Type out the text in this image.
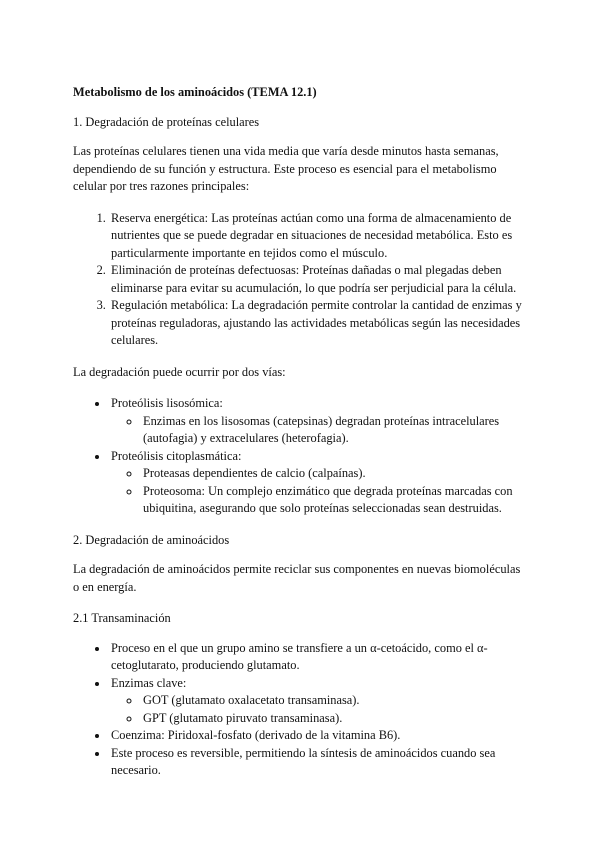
Metabolismo de los aminoácidos (TEMA 12.1)
1. Degradación de proteínas celulares

Las proteínas celulares tienen una vida media que varía desde minutos hasta semanas, dependiendo de su función y estructura. Este proceso es esencial para el metabolismo celular por tres razones principales:

1. Reserva energética: Las proteínas actúan como una forma de almacenamiento de nutrientes que se puede degradar en situaciones de necesidad metabólica. Esto es particularmente importante en tejidos como el músculo.
2. Eliminación de proteínas defectuosas: Proteínas dañadas o mal plegadas deben eliminarse para evitar su acumulación, lo que podría ser perjudicial para la célula.
3. Regulación metabólica: La degradación permite controlar la cantidad de enzimas y proteínas reguladoras, ajustando las actividades metabólicas según las necesidades celulares.

La degradación puede ocurrir por dos vías:

• Proteólisis lisosómica:
◦ Enzimas en los lisosomas (catepsinas) degradan proteínas intracelulares (autofagia) y extracelulares (heterofagia).
• Proteólisis citoplasmática:
◦ Proteasas dependientes de calcio (calpaínas).
◦ Proteosoma: Un complejo enzimático que degrada proteínas marcadas con ubiquitina, asegurando que solo proteínas seleccionadas sean destruidas.
2. Degradación de aminoácidos

La degradación de aminoácidos permite reciclar sus componentes en nuevas biomoléculas o en energía.

2.1 Transaminación
• Proceso en el que un grupo amino se transfiere a un α-cetoácido, como el α-cetoglutarato, produciendo glutamato.
• Enzimas clave:
◦ GOT (glutamato oxalacetato transaminasa).
◦ GPT (glutamato piruvato transaminasa).
• Coenzima: Piridoxal-fosfato (derivado de la vitamina B6).
• Este proceso es reversible, permitiendo la síntesis de aminoácidos cuando sea necesario.
